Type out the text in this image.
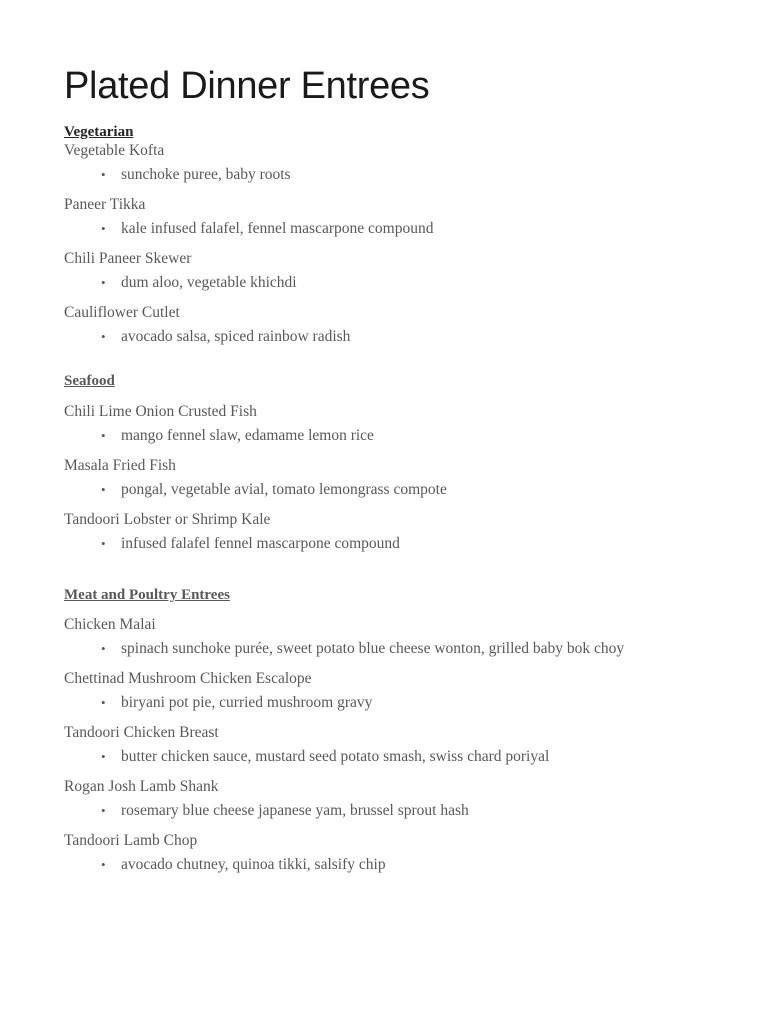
Plated Dinner Entrees

Vegetarian

Vegetable Kofta

• sunchoke puree, baby roots

Paneer Tikka

• kale infused falafel, fennel mascarpone compound

Chili Paneer Skewer

• dum aloo, vegetable khichdi

Cauliflower Cutlet

• avocado salsa, spiced rainbow radish

Seafood

Chili Lime Onion Crusted Fish

• mango fennel slaw, edamame lemon rice

Masala Fried Fish

• pongal, vegetable avial, tomato lemongrass compote

Tandoori Lobster or Shrimp Kale

• infused falafel fennel mascarpone compound

Meat and Poultry Entrees

Chicken Malai

• spinach sunchoke purée, sweet potato blue cheese wonton, grilled baby bok choy

Chettinad Mushroom Chicken Escalope

• biryani pot pie, curried mushroom gravy

Tandoori Chicken Breast

• butter chicken sauce, mustard seed potato smash, swiss chard poriyal

Rogan Josh Lamb Shank

• rosemary blue cheese japanese yam, brussel sprout hash

Tandoori Lamb Chop

• avocado chutney, quinoa tikki, salsify chip
